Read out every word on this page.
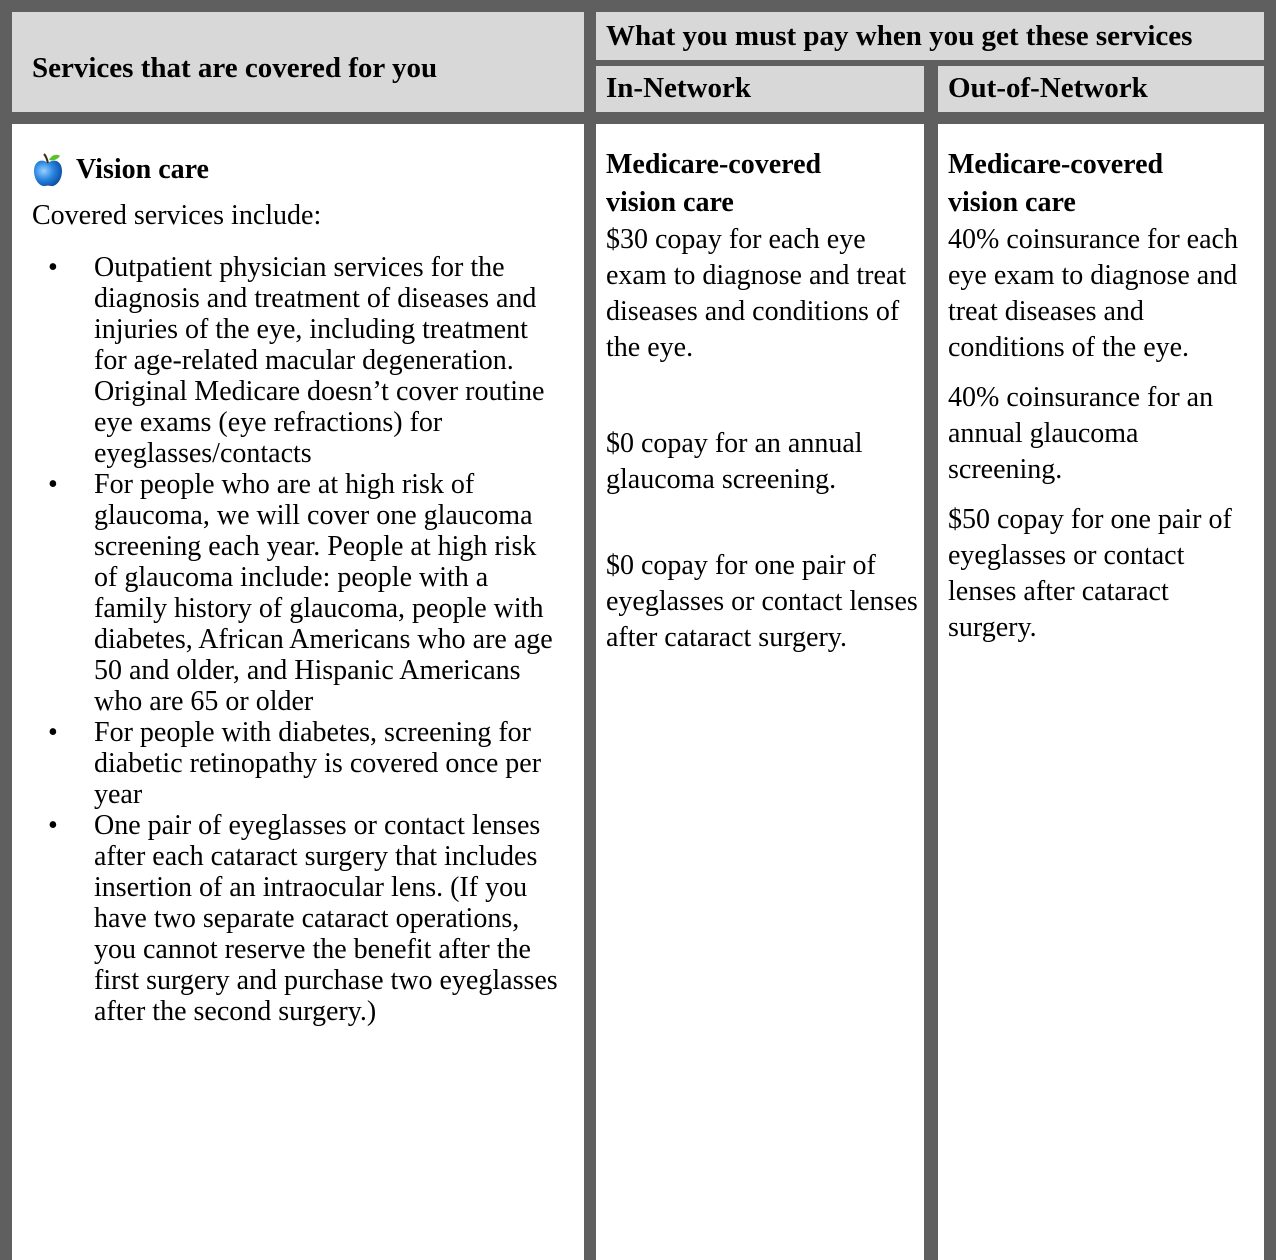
Services that are covered for you
What you must pay when you get these services
In-Network	Out-of-Network
Vision care
Covered services include:
• Outpatient physician services for the diagnosis and treatment of diseases and injuries of the eye, including treatment for age-related macular degeneration. Original Medicare doesn’t cover routine eye exams (eye refractions) for eyeglasses/contacts
• For people who are at high risk of glaucoma, we will cover one glaucoma screening each year. People at high risk of glaucoma include: people with a family history of glaucoma, people with diabetes, African Americans who are age 50 and older, and Hispanic Americans who are 65 or older
• For people with diabetes, screening for diabetic retinopathy is covered once per year
• One pair of eyeglasses or contact lenses after each cataract surgery that includes insertion of an intraocular lens. (If you have two separate cataract operations, you cannot reserve the benefit after the first surgery and purchase two eyeglasses after the second surgery.)
Medicare-covered vision care
$30 copay for each eye exam to diagnose and treat diseases and conditions of the eye.
$0 copay for an annual glaucoma screening.
$0 copay for one pair of eyeglasses or contact lenses after cataract surgery.
Medicare-covered vision care
40% coinsurance for each eye exam to diagnose and treat diseases and conditions of the eye.
40% coinsurance for an annual glaucoma screening.
$50 copay for one pair of eyeglasses or contact lenses after cataract surgery.
